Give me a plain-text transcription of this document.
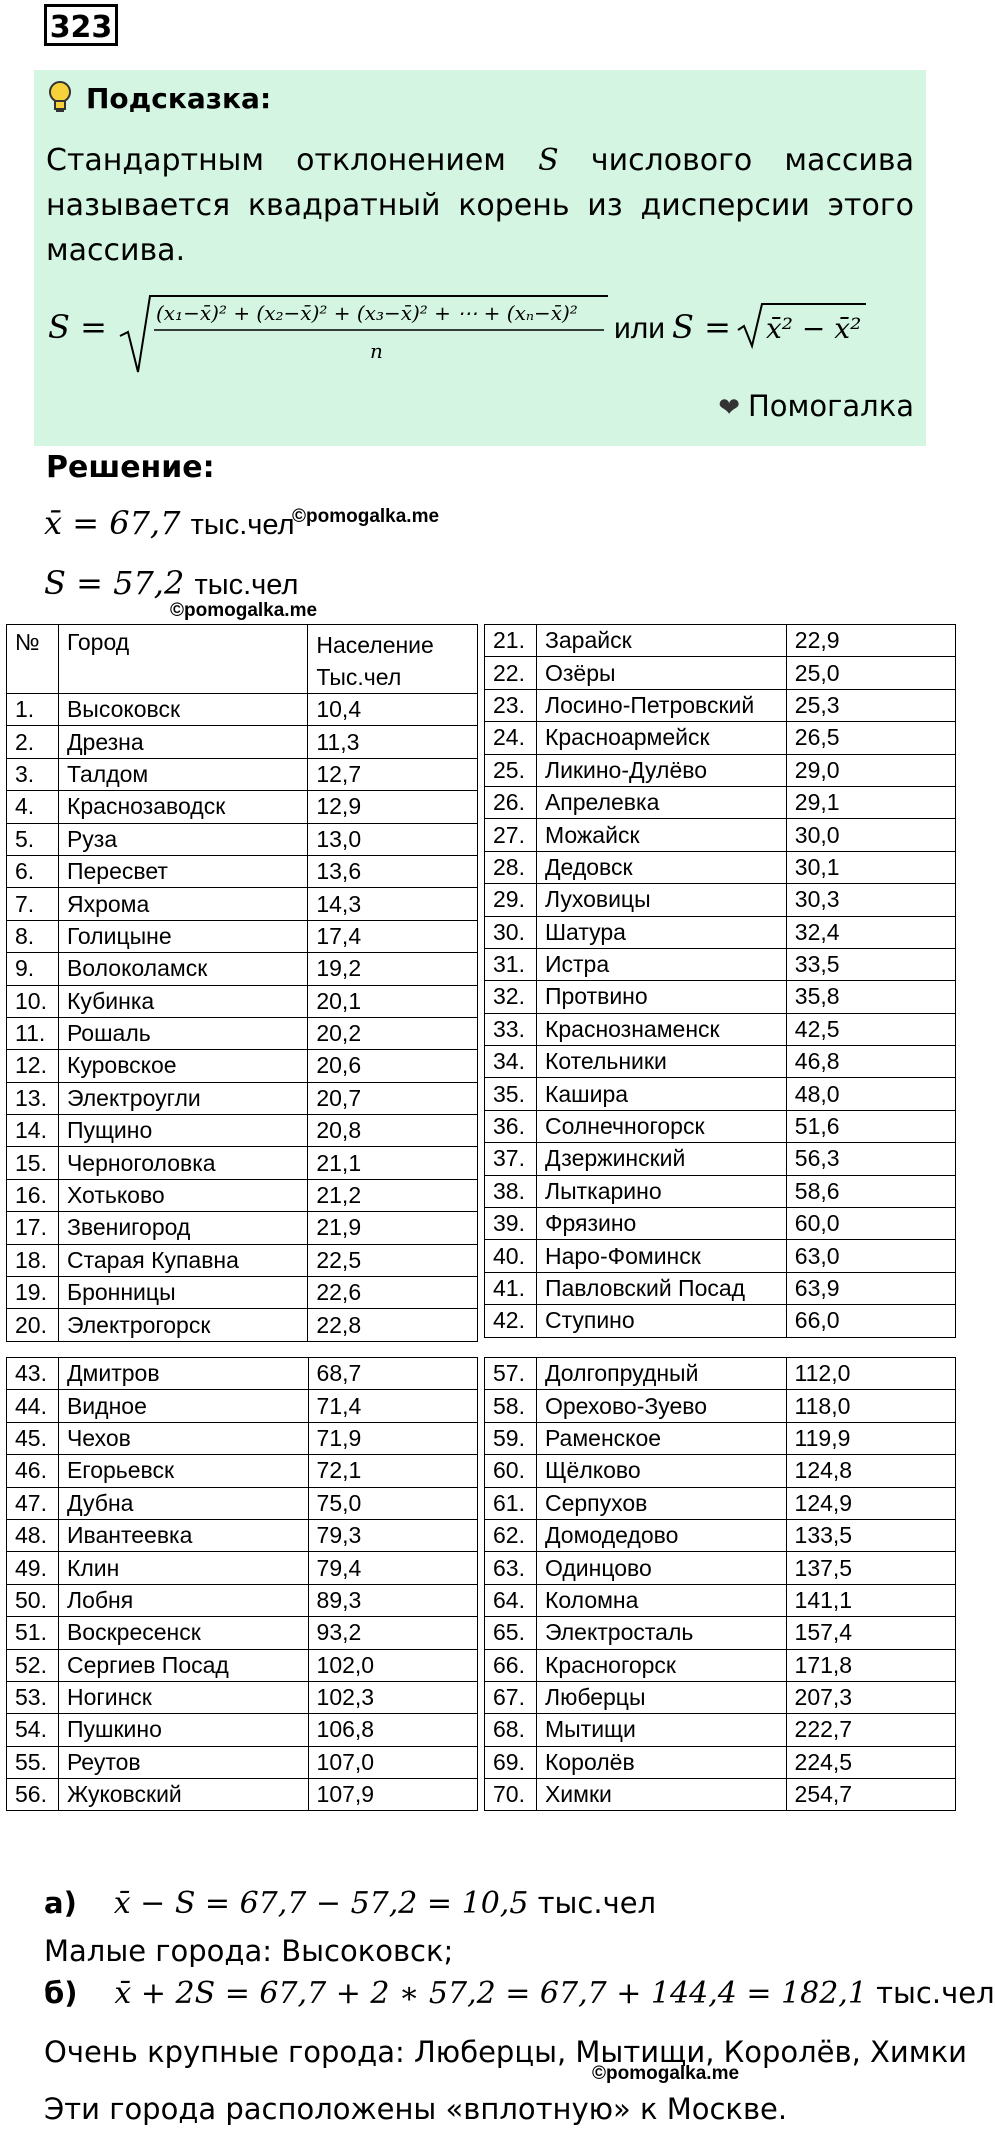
323
Подсказка:
Стандартным отклонением S числового массива
называется квадратный корень из дисперсии этого
массива.
S = (x₁−x̄)² + (x₂−x̄)² + (x₃−x̄)² + ⋯ + (xₙ−x̄)²
n
или S = x̄² − x̄²
❤ Помогалка
Решение:
x̄ = 67,7 тыс.чел
S = 57,2 тыс.чел
©pomogalka.me
©pomogalka.me
№	Город	Население
Тыс.чел
1.	Высоковск	10,4
2.	Дрезна	11,3
3.	Талдом	12,7
4.	Краснозаводск	12,9
5.	Руза	13,0
6.	Пересвет	13,6
7.	Яхрома	14,3
8.	Голицыне	17,4
9.	Волоколамск	19,2
10.	Кубинка	20,1
11.	Рошаль	20,2
12.	Куровское	20,6
13.	Электроугли	20,7
14.	Пущино	20,8
15.	Черноголовка	21,1
16.	Хотьково	21,2
17.	Звенигород	21,9
18.	Старая Купавна	22,5
19.	Бронницы	22,6
20.	Электрогорск	22,8
21.	Зарайск	22,9
22.	Озёры	25,0
23.	Лосино-Петровский	25,3
24.	Красноармейск	26,5
25.	Ликино-Дулёво	29,0
26.	Апрелевка	29,1
27.	Можайск	30,0
28.	Дедовск	30,1
29.	Луховицы	30,3
30.	Шатура	32,4
31.	Истра	33,5
32.	Протвино	35,8
33.	Краснознаменск	42,5
34.	Котельники	46,8
35.	Кашира	48,0
36.	Солнечногорск	51,6
37.	Дзержинский	56,3
38.	Лыткарино	58,6
39.	Фрязино	60,0
40.	Наро-Фоминск	63,0
41.	Павловский Посад	63,9
42.	Ступино	66,0
43.	Дмитров	68,7
44.	Видное	71,4
45.	Чехов	71,9
46.	Егорьевск	72,1
47.	Дубна	75,0
48.	Ивантеевка	79,3
49.	Клин	79,4
50.	Лобня	89,3
51.	Воскресенск	93,2
52.	Сергиев Посад	102,0
53.	Ногинск	102,3
54.	Пушкино	106,8
55.	Реутов	107,0
56.	Жуковский	107,9
57.	Долгопрудный	112,0
58.	Орехово-Зуево	118,0
59.	Раменское	119,9
60.	Щёлково	124,8
61.	Серпухов	124,9
62.	Домодедово	133,5
63.	Одинцово	137,5
64.	Коломна	141,1
65.	Электросталь	157,4
66.	Красногорск	171,8
67.	Люберцы	207,3
68.	Мытищи	222,7
69.	Королёв	224,5
70.	Химки	254,7
а) x̄ − S = 67,7 − 57,2 = 10,5 тыс.чел
Малые города: Высоковск;
б) x̄ + 2S = 67,7 + 2 ∗ 57,2 = 67,7 + 144,4 = 182,1 тыс.чел
Очень крупные города: Люберцы, Мытищи, Королёв, Химки
Эти города расположены «вплотную» к Москве.
©pomogalka.me
